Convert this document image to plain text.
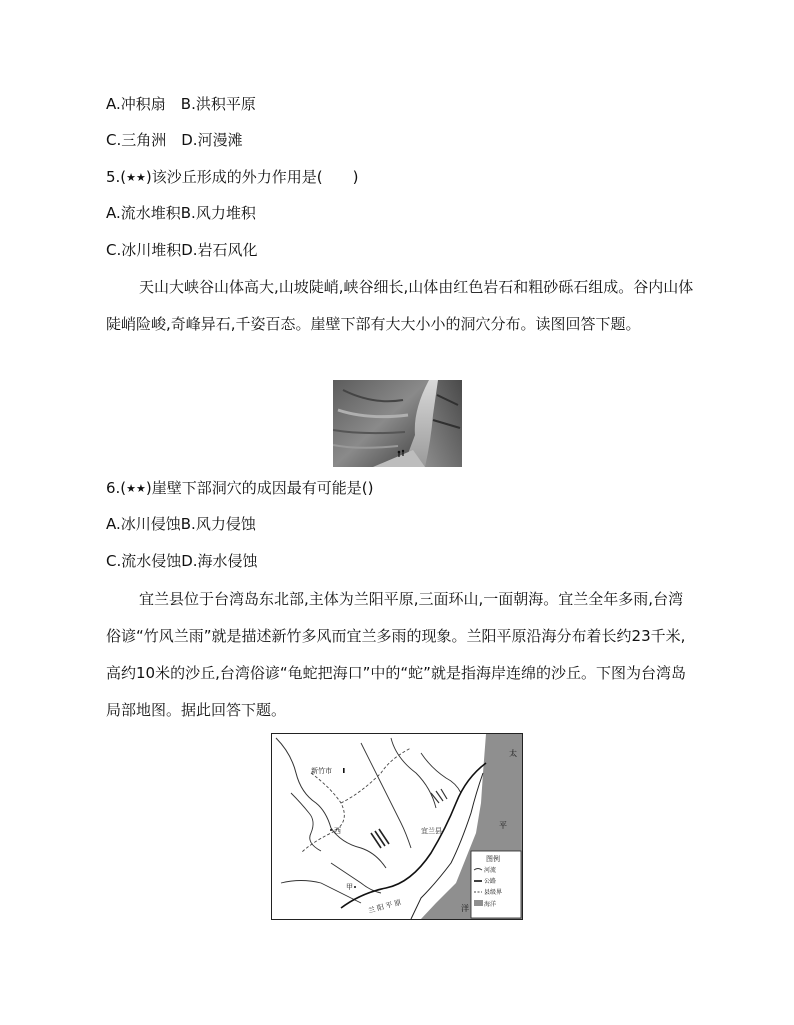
A.冲积扇 B.洪积平原
C.三角洲 D.河漫滩
5.(★★)该沙丘形成的外力作用是(　　)
A.流水堆积B.风力堆积
C.冰川堆积D.岩石风化
天山大峡谷山体高大,山坡陡峭,峡谷细长,山体由红色岩石和粗砂砾石组成。谷内山体陡峭险峻,奇峰异石,千姿百态。崖壁下部有大大小小的洞穴分布。读图回答下题。
6.(★★)崖壁下部洞穴的成因最有可能是()
A.冰川侵蚀B.风力侵蚀
C.流水侵蚀D.海水侵蚀
宜兰县位于台湾岛东北部,主体为兰阳平原,三面环山,一面朝海。宜兰全年多雨,台湾俗谚“竹风兰雨”就是描述新竹多风而宜兰多雨的现象。兰阳平原沿海分布着长约23千米,高约10米的沙丘,台湾俗谚“龟蛇把海口”中的“蛇”就是指海岸连绵的沙丘。下图为台湾岛局部地图。据此回答下题。
新竹市
宜兰县
西
甲
兰 阳 平 原
太
平
洋
图例
河流
公路
县级界
海洋
